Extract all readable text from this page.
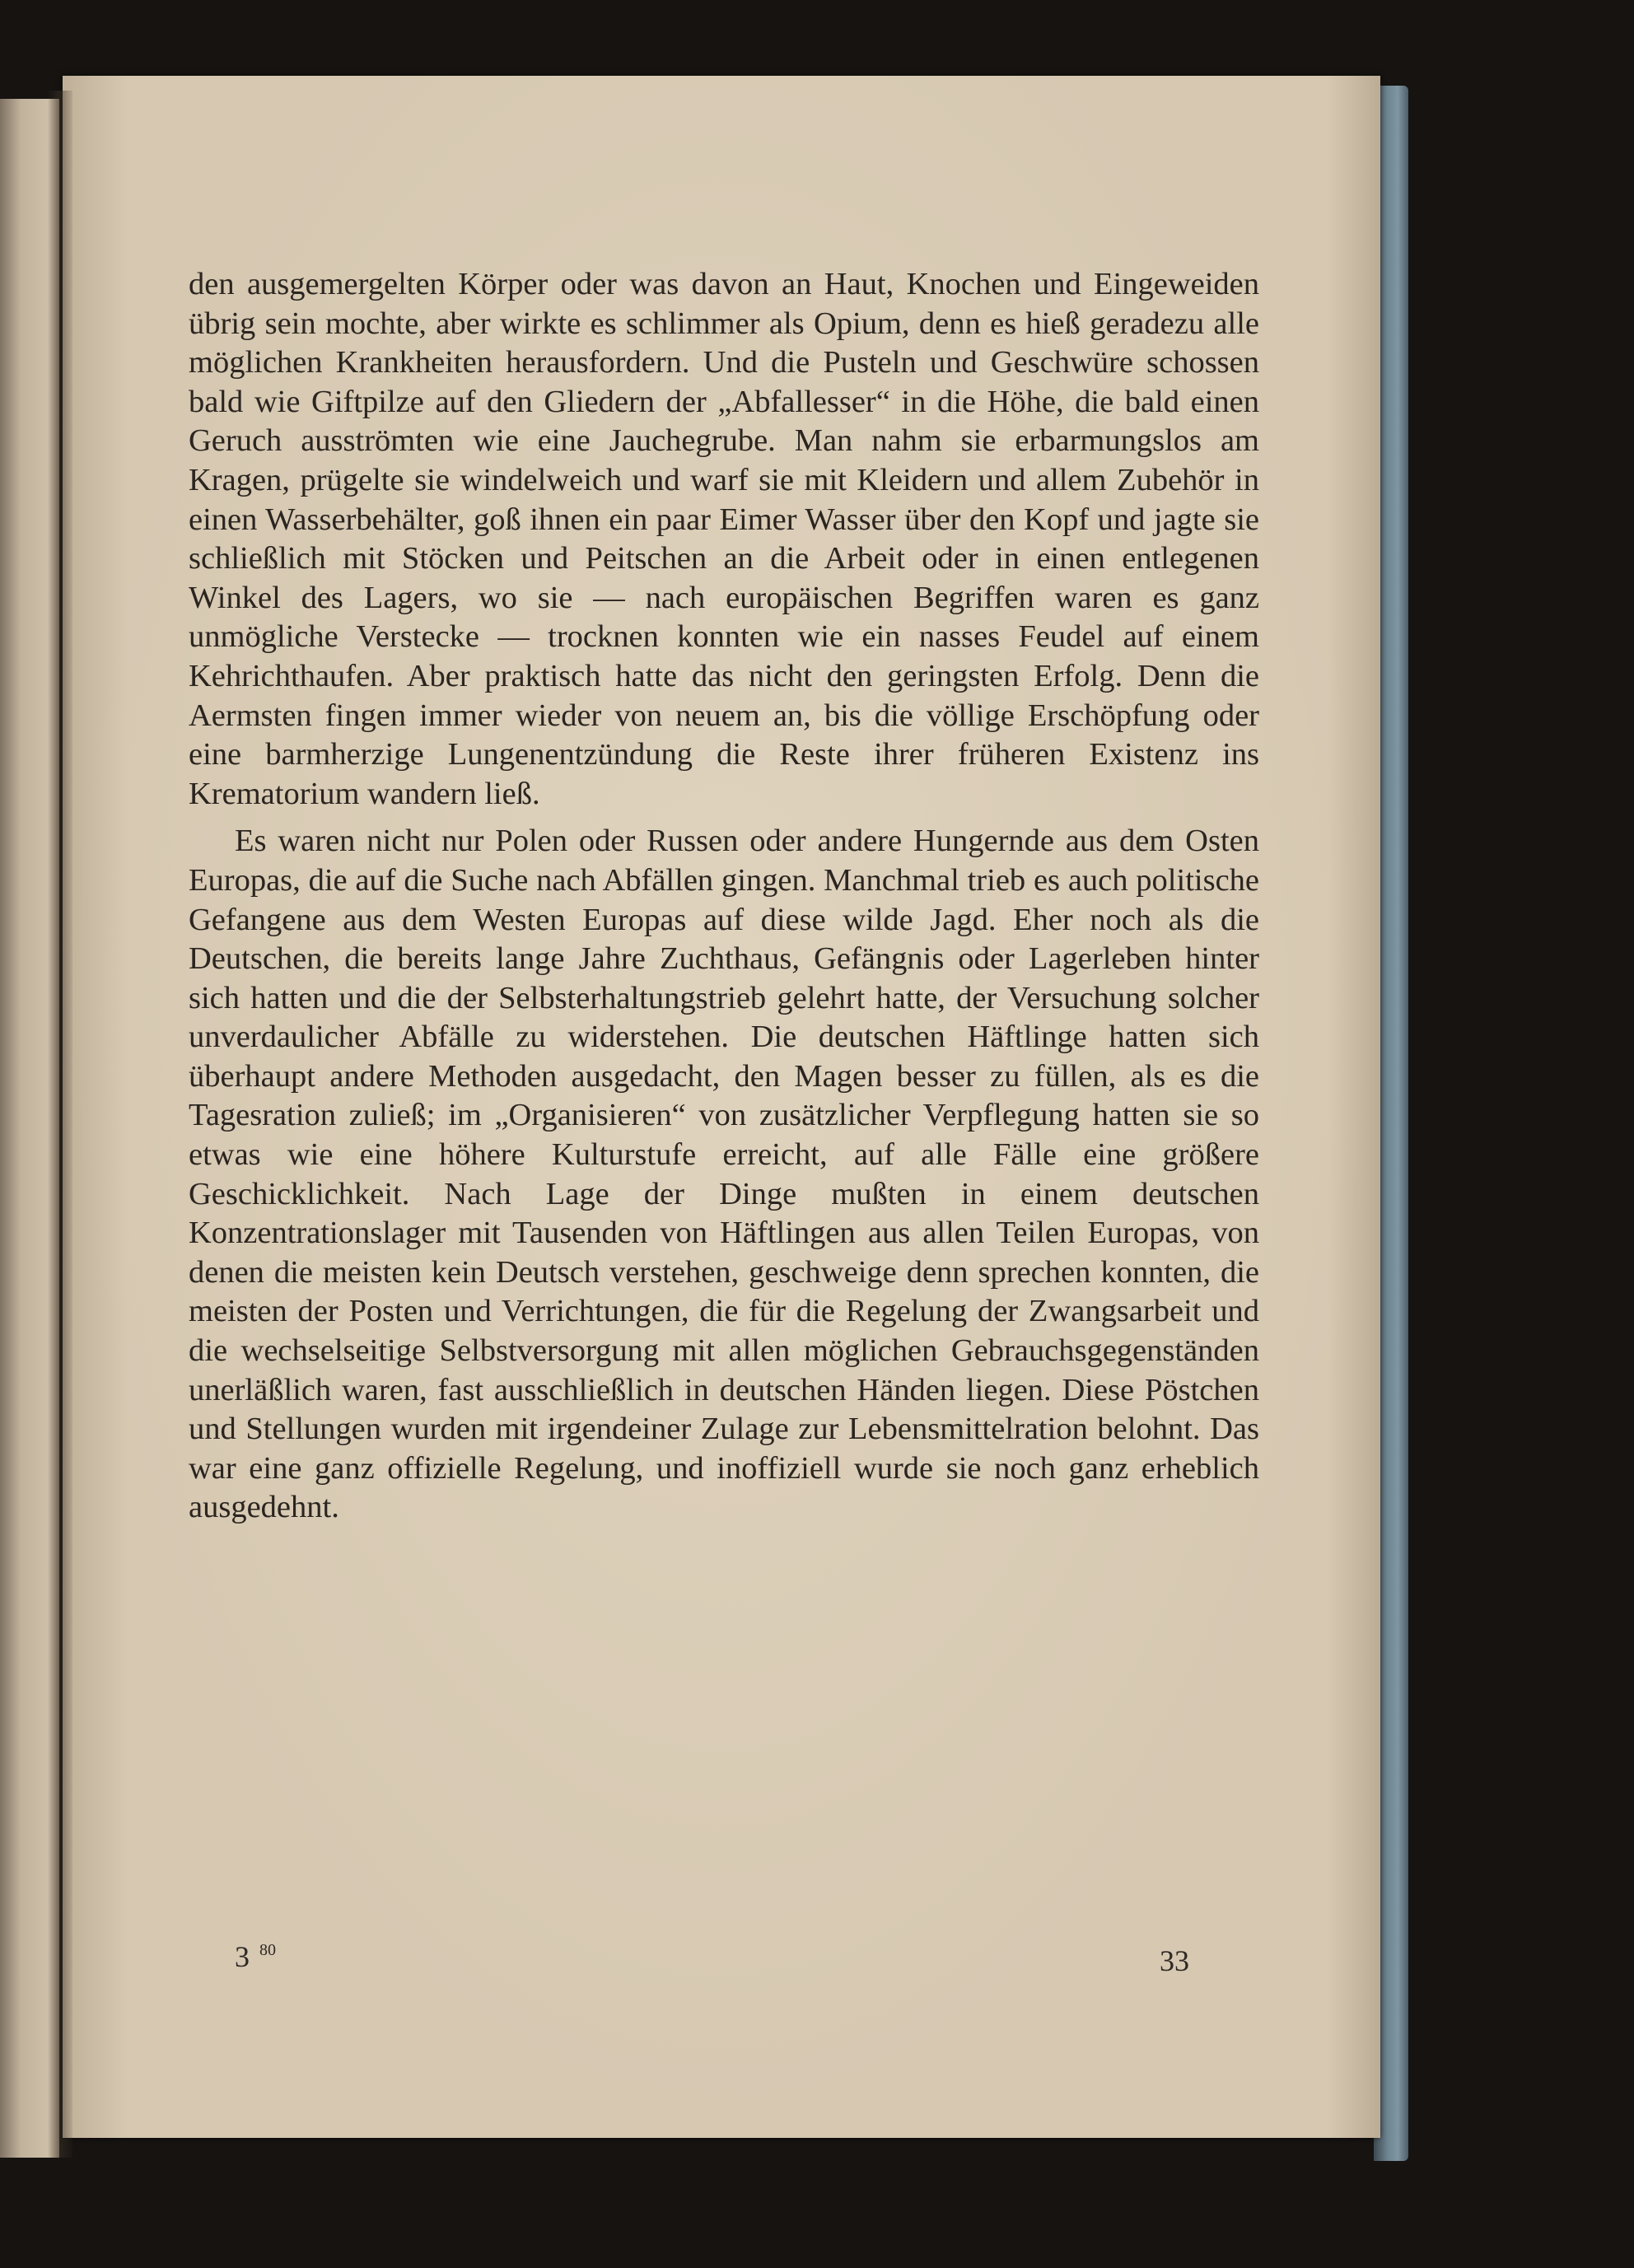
den ausgemergelten Körper oder was davon an Haut, Knochen und Eingeweiden übrig sein mochte, aber wirkte es schlimmer als Opium, denn es hieß geradezu alle möglichen Krankheiten herausfordern. Und die Pusteln und Geschwüre schossen bald wie Giftpilze auf den Gliedern der „Abfallesser“ in die Höhe, die bald einen Geruch ausströmten wie eine Jauchegrube. Man nahm sie erbarmungslos am Kragen, prügelte sie windelweich und warf sie mit Kleidern und allem Zubehör in einen Wasserbehälter, goß ihnen ein paar Eimer Wasser über den Kopf und jagte sie schließlich mit Stöcken und Peitschen an die Arbeit oder in einen entlegenen Winkel des Lagers, wo sie — nach europäischen Begriffen waren es ganz unmögliche Verstecke — trocknen konnten wie ein nasses Feudel auf einem Kehrichthaufen. Aber praktisch hatte das nicht den geringsten Erfolg. Denn die Aermsten fingen immer wieder von neuem an, bis die völlige Erschöpfung oder eine barmherzige Lungenentzündung die Reste ihrer früheren Existenz ins Krematorium wandern ließ.

Es waren nicht nur Polen oder Russen oder andere Hungernde aus dem Osten Europas, die auf die Suche nach Abfällen gingen. Manchmal trieb es auch politische Gefangene aus dem Westen Europas auf diese wilde Jagd. Eher noch als die Deutschen, die bereits lange Jahre Zuchthaus, Gefängnis oder Lagerleben hinter sich hatten und die der Selbsterhaltungstrieb gelehrt hatte, der Versuchung solcher unverdaulicher Abfälle zu widerstehen. Die deutschen Häftlinge hatten sich überhaupt andere Methoden ausgedacht, den Magen besser zu füllen, als es die Tagesration zuließ; im „Organisieren“ von zusätzlicher Verpflegung hatten sie so etwas wie eine höhere Kulturstufe erreicht, auf alle Fälle eine größere Geschicklichkeit. Nach Lage der Dinge mußten in einem deutschen Konzentrationslager mit Tausenden von Häftlingen aus allen Teilen Europas, von denen die meisten kein Deutsch verstehen, geschweige denn sprechen konnten, die meisten der Posten und Verrichtungen, die für die Regelung der Zwangsarbeit und die wechselseitige Selbstversorgung mit allen möglichen Gebrauchsgegenständen unerläßlich waren, fast ausschließlich in deutschen Händen liegen. Diese Pöstchen und Stellungen wurden mit irgendeiner Zulage zur Lebensmittelration belohnt. Das war eine ganz offizielle Regelung, und inoffiziell wurde sie noch ganz erheblich ausgedehnt.

3 $^{80}$	33
